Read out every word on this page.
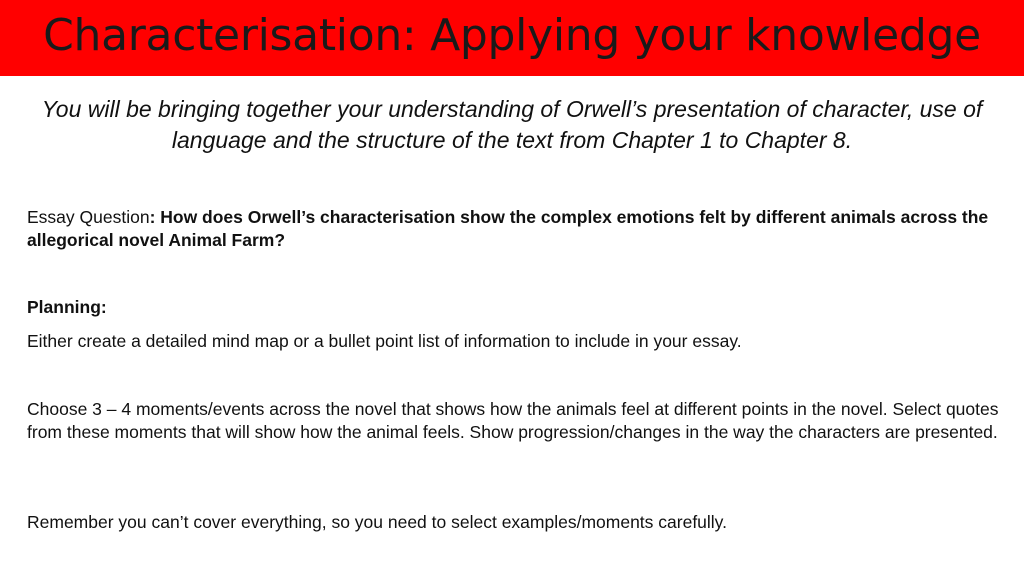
Characterisation: Applying your knowledge
You will be bringing together your understanding of Orwell’s presentation of character, use of language and the structure of the text from Chapter 1 to Chapter 8.
Essay Question: How does Orwell’s characterisation show the complex emotions felt by different animals across the allegorical novel Animal Farm?
Planning:
Either create a detailed mind map or a bullet point list of information to include in your essay.
Choose 3 – 4 moments/events across the novel that shows how the animals feel at different points in the novel. Select quotes from these moments that will show how the animal feels. Show progression/changes in the way the characters are presented.
Remember you can’t cover everything, so you need to select examples/moments carefully.
